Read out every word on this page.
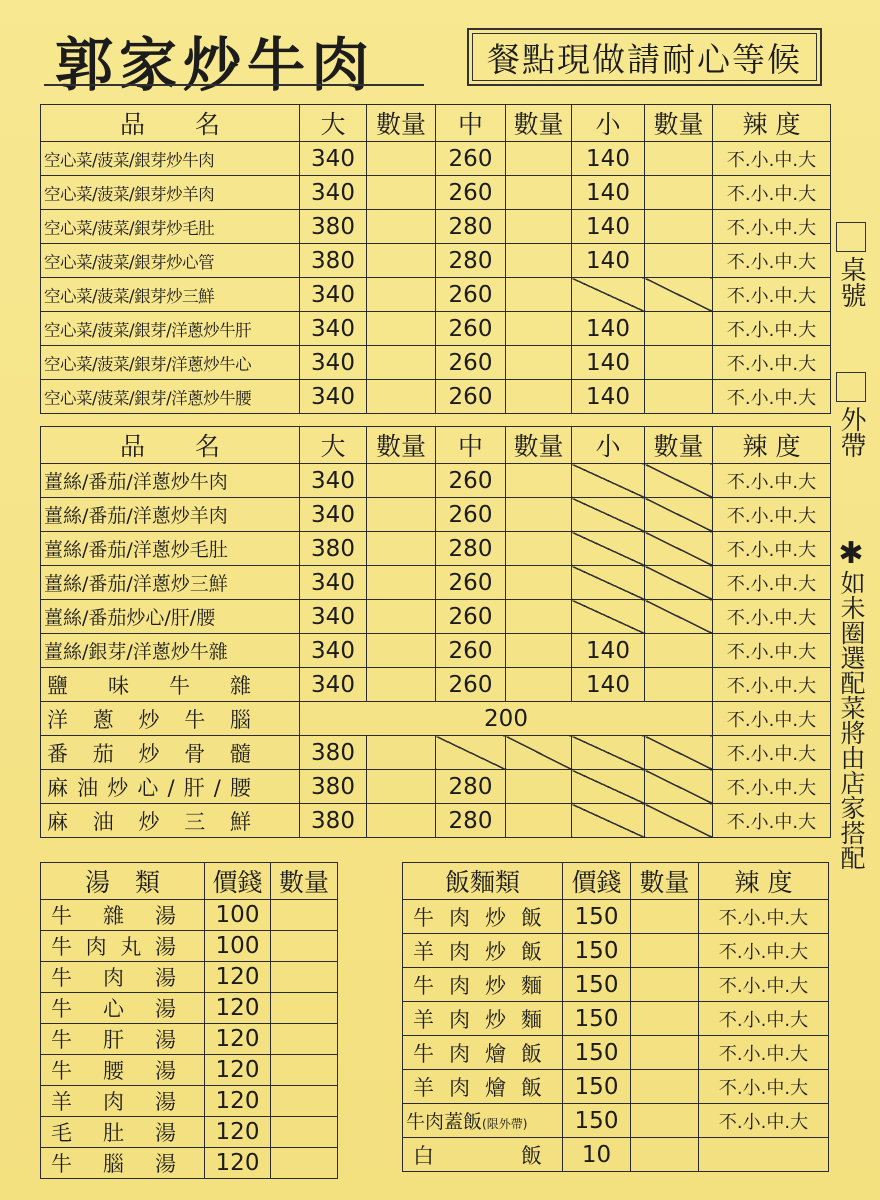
郭家炒牛肉	餐點現做請耐心等候
品　　名	大	數量	中	數量	小	數量	辣 度
空心菜/菠菜/銀芽炒牛肉	340		260		140		不.小.中.大
空心菜/菠菜/銀芽炒羊肉	340		260		140		不.小.中.大
空心菜/菠菜/銀芽炒毛肚	380		280		140		不.小.中.大
空心菜/菠菜/銀芽炒心管	380		280		140		不.小.中.大
空心菜/菠菜/銀芽炒三鮮	340		260				不.小.中.大
空心菜/菠菜/銀芽/洋蔥炒牛肝	340		260		140		不.小.中.大
空心菜/菠菜/銀芽/洋蔥炒牛心	340		260		140		不.小.中.大
空心菜/菠菜/銀芽/洋蔥炒牛腰	340		260		140		不.小.中.大
品　　名	大	數量	中	數量	小	數量	辣 度
薑絲/番茄/洋蔥炒牛肉	340		260				不.小.中.大
薑絲/番茄/洋蔥炒羊肉	340		260				不.小.中.大
薑絲/番茄/洋蔥炒毛肚	380		280				不.小.中.大
薑絲/番茄/洋蔥炒三鮮	340		260				不.小.中.大
薑絲/番茄炒心/肝/腰	340		260				不.小.中.大
薑絲/銀芽/洋蔥炒牛雜	340		260		140		不.小.中.大
鹽味牛雜	340		260		140		不.小.中.大
洋蔥炒牛腦	200						不.小.中.大
番茄炒骨髓	380						不.小.中.大
麻油炒心/肝/腰	380		280				不.小.中.大
麻油炒三鮮	380		280				不.小.中.大
湯　類	價錢	數量
牛雜湯	100	
牛肉丸湯	100	
牛肉湯	120	
牛心湯	120	
牛肝湯	120	
牛腰湯	120	
羊肉湯	120	
毛肚湯	120	
牛腦湯	120	
飯麵類	價錢	數量	辣 度
牛肉炒飯	150		不.小.中.大
羊肉炒飯	150		不.小.中.大
牛肉炒麵	150		不.小.中.大
羊肉炒麵	150		不.小.中.大
牛肉燴飯	150		不.小.中.大
羊肉燴飯	150		不.小.中.大
牛肉蓋飯(限外帶)	150		不.小.中.大
白飯	10		
桌號
外帶
✱
如未圈選配菜將由店家搭配
